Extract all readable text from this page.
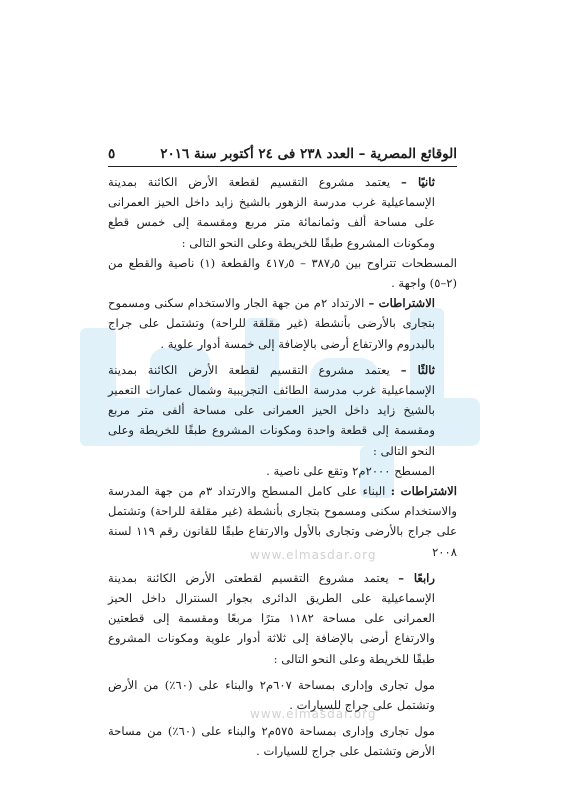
www.elmasdar.org
www.elmasdar.org
الوقائع المصرية – العدد ٢٣٨ فى ٢٤ أكتوبر سنة ٢٠١٦
٥

ثانيًا – يعتمد مشروع التقسيم لقطعة الأرض الكائنة بمدينة الإسماعيلية غرب مدرسة الزهور بالشيخ زايد داخل الحيز العمرانى على مساحة ألف وثمانمائة متر مربع ومقسمة إلى خمس قطع ومكونات المشروع طبقًا للخريطة وعلى النحو التالى :

المسطحات تتراوح بين ٣٨٧٫٥ – ٤١٧٫٥ والقطعة (١) ناصية والقطع من (٢–٥) واجهة .

الاشتراطات – الارتداد ٢م من جهة الجار والاستخدام سكنى ومسموح بتجارى بالأرضى بأنشطة (غير مقلقة للراحة) وتشتمل على جراج بالبدروم والارتفاع أرضى بالإضافة إلى خمسة أدوار علوية .

ثالثًا – يعتمد مشروع التقسيم لقطعة الأرض الكائنة بمدينة الإسماعيلية غرب مدرسة الطائف التجريبية وشمال عمارات التعمير بالشيخ زايد داخل الحيز العمرانى على مساحة ألفى متر مربع ومقسمة إلى قطعة واحدة ومكونات المشروع طبقًا للخريطة وعلى النحو التالى :

المسطح ٢٠٠٠م٢ وتقع على ناصية .

الاشتراطات : البناء على كامل المسطح والارتداد ٣م من جهة المدرسة والاستخدام سكنى ومسموح بتجارى بأنشطة (غير مقلقة للراحة) وتشتمل على جراج بالأرضى وتجارى بالأول والارتفاع طبقًا للقانون رقم ١١٩ لسنة ٢٠٠٨

رابعًا – يعتمد مشروع التقسيم لقطعتى الأرض الكائنة بمدينة الإسماعيلية على الطريق الدائرى بجوار السنترال داخل الحيز العمرانى على مساحة ١١٨٢ مترًا مربعًا ومقسمة إلى قطعتين والارتفاع أرضى بالإضافة إلى ثلاثة أدوار علوية ومكونات المشروع طبقًا للخريطة وعلى النحو التالى :

مول تجارى وإدارى بمساحة ٦٠٧م٢ والبناء على (٦٠٪) من الأرض وتشتمل على جراج للسيارات .

مول تجارى وإدارى بمساحة ٥٧٥م٢ والبناء على (٦٠٪) من مساحة الأرض وتشتمل على جراج للسيارات .
